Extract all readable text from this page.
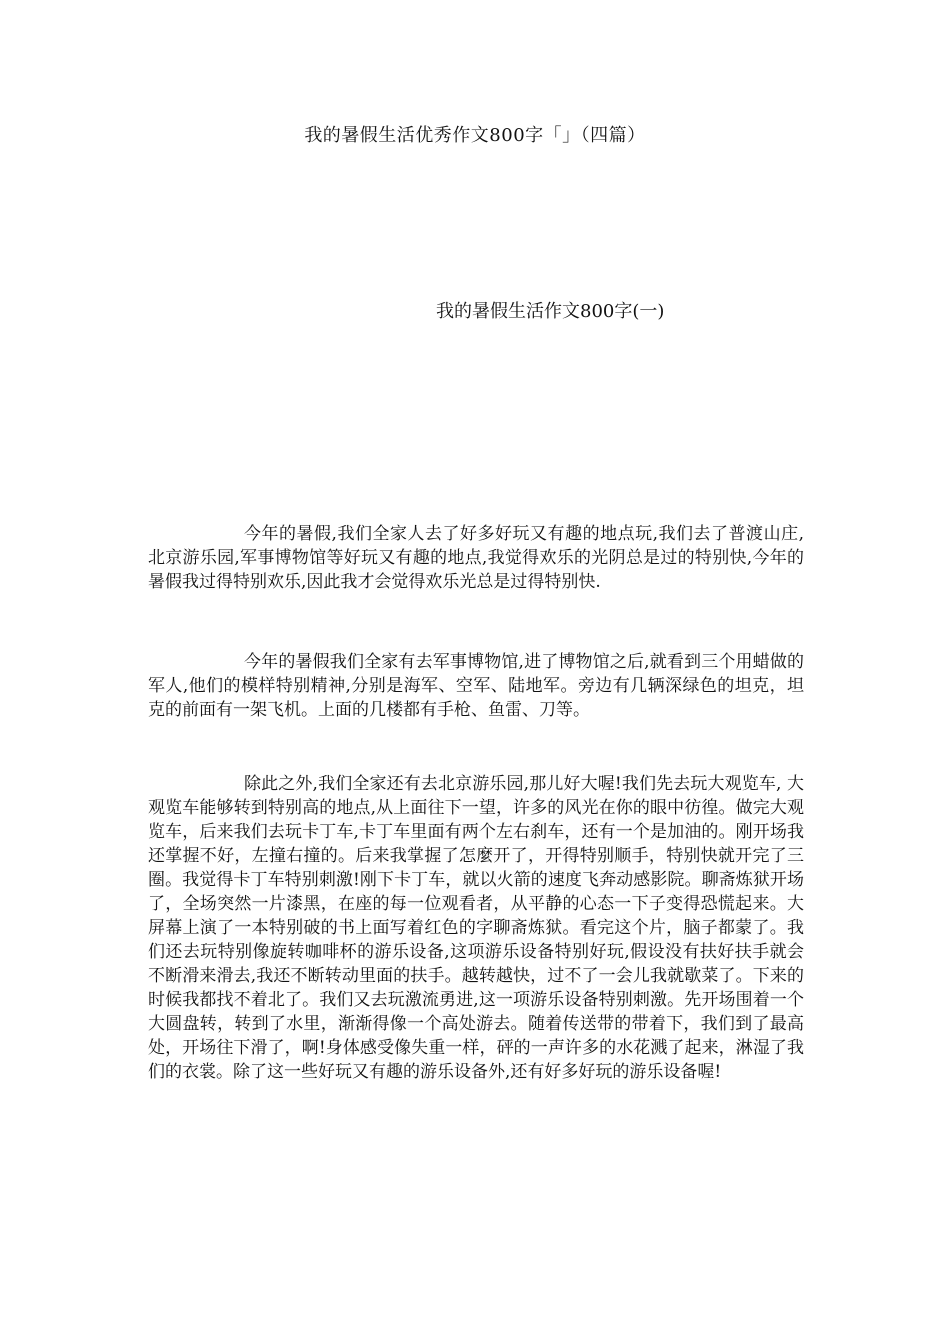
我的暑假生活优秀作文800字「」（四篇）
我的暑假生活作文800字(一)

今年的暑假,我们全家人去了好多好玩又有趣的地点玩,我们去了普渡山庄,北京游乐园,军事博物馆等好玩又有趣的地点,我觉得欢乐的光阴总是过的特别快,今年的暑假我过得特别欢乐,因此我才会觉得欢乐光总是过得特别快.

今年的暑假我们全家有去军事博物馆,进了博物馆之后,就看到三个用蜡做的军人,他们的模样特别精神,分别是海军、空军、陆地军。旁边有几辆深绿色的坦克，坦克的前面有一架飞机。上面的几楼都有手枪、鱼雷、刀等。

除此之外,我们全家还有去北京游乐园,那儿好大喔!我们先去玩大观览车, 大观览车能够转到特别高的地点,从上面往下一望，许多的风光在你的眼中彷徨。做完大观览车，后来我们去玩卡丁车,卡丁车里面有两个左右刹车，还有一个是加油的。刚开场我还掌握不好，左撞右撞的。后来我掌握了怎麼开了，开得特别顺手，特别快就开完了三圈。我觉得卡丁车特别刺激!刚下卡丁车，就以火箭的速度飞奔动感影院。聊斋炼狱开场了，全场突然一片漆黑，在座的每一位观看者，从平静的心态一下子变得恐慌起来。大屏幕上演了一本特别破的书上面写着红色的字聊斋炼狱。看完这个片，脑子都蒙了。我们还去玩特别像旋转咖啡杯的游乐设备,这项游乐设备特别好玩,假设没有扶好扶手就会不断滑来滑去,我还不断转动里面的扶手。越转越快，过不了一会儿我就歇菜了。下来的时候我都找不着北了。我们又去玩激流勇进,这一项游乐设备特别刺激。先开场围着一个大圆盘转，转到了水里，渐渐得像一个高处游去。随着传送带的带着下，我们到了最高处，开场往下滑了，啊!身体感受像失重一样，砰的一声许多的水花溅了起来，淋湿了我们的衣裳。除了这一些好玩又有趣的游乐设备外,还有好多好玩的游乐设备喔!
